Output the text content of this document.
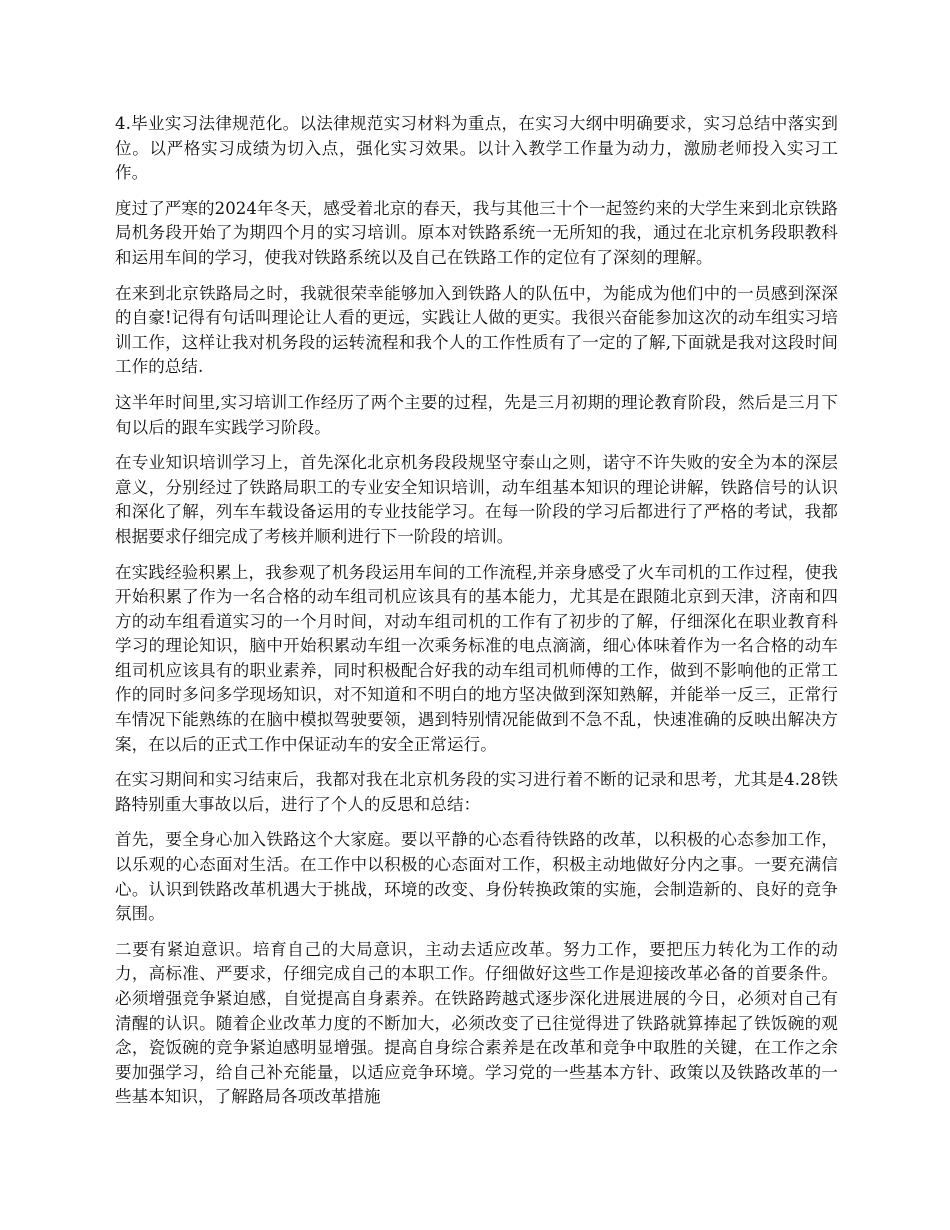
4.毕业实习法律规范化。以法律规范实习材料为重点，在实习大纲中明确要求，实习总结中落实到位。以严格实习成绩为切入点，强化实习效果。以计入教学工作量为动力，激励老师投入实习工作。

度过了严寒的2024年冬天，感受着北京的春天，我与其他三十个一起签约来的大学生来到北京铁路局机务段开始了为期四个月的实习培训。原本对铁路系统一无所知的我，通过在北京机务段职教科和运用车间的学习，使我对铁路系统以及自己在铁路工作的定位有了深刻的理解。

在来到北京铁路局之时，我就很荣幸能够加入到铁路人的队伍中，为能成为他们中的一员感到深深的自豪!记得有句话叫理论让人看的更远，实践让人做的更实。我很兴奋能参加这次的动车组实习培训工作，这样让我对机务段的运转流程和我个人的工作性质有了一定的了解,下面就是我对这段时间工作的总结.

这半年时间里,实习培训工作经历了两个主要的过程，先是三月初期的理论教育阶段，然后是三月下旬以后的跟车实践学习阶段。

在专业知识培训学习上，首先深化北京机务段段规坚守泰山之则，诺守不许失败的安全为本的深层意义，分别经过了铁路局职工的专业安全知识培训，动车组基本知识的理论讲解，铁路信号的认识和深化了解，列车车载设备运用的专业技能学习。在每一阶段的学习后都进行了严格的考试，我都根据要求仔细完成了考核并顺利进行下一阶段的培训。

在实践经验积累上，我参观了机务段运用车间的工作流程,并亲身感受了火车司机的工作过程，使我开始积累了作为一名合格的动车组司机应该具有的基本能力，尤其是在跟随北京到天津，济南和四方的动车组看道实习的一个月时间，对动车组司机的工作有了初步的了解，仔细深化在职业教育科学习的理论知识，脑中开始积累动车组一次乘务标准的电点滴滴，细心体味着作为一名合格的动车组司机应该具有的职业素养，同时积极配合好我的动车组司机师傅的工作，做到不影响他的正常工作的同时多问多学现场知识，对不知道和不明白的地方坚决做到深知熟解，并能举一反三，正常行车情况下能熟练的在脑中模拟驾驶要领，遇到特别情况能做到不急不乱，快速准确的反映出解决方案，在以后的正式工作中保证动车的安全正常运行。

在实习期间和实习结束后，我都对我在北京机务段的实习进行着不断的记录和思考，尤其是4.28铁路特别重大事故以后，进行了个人的反思和总结：

首先，要全身心加入铁路这个大家庭。要以平静的心态看待铁路的改革，以积极的心态参加工作，以乐观的心态面对生活。在工作中以积极的心态面对工作，积极主动地做好分内之事。一要充满信心。认识到铁路改革机遇大于挑战，环境的改变、身份转换政策的实施，会制造新的、良好的竞争氛围。

二要有紧迫意识。培育自己的大局意识，主动去适应改革。努力工作，要把压力转化为工作的动力，高标准、严要求，仔细完成自己的本职工作。仔细做好这些工作是迎接改革必备的首要条件。必须增强竞争紧迫感，自觉提高自身素养。在铁路跨越式逐步深化进展进展的今日，必须对自己有清醒的认识。随着企业改革力度的不断加大，必须改变了已往觉得进了铁路就算捧起了铁饭碗的观念，瓷饭碗的竞争紧迫感明显增强。提高自身综合素养是在改革和竞争中取胜的关键，在工作之余要加强学习，给自己补充能量，以适应竞争环境。学习党的一些基本方针、政策以及铁路改革的一些基本知识，了解路局各项改革措施
